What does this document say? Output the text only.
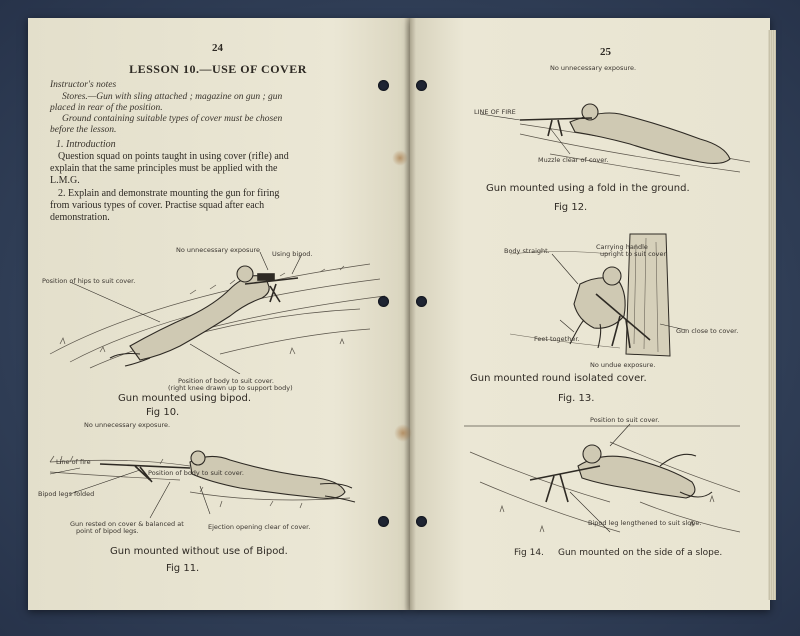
24
LESSON 10.—USE OF COVER
Instructor's notes
Stores.—Gun with sling attached ; magazine on gun ; gun
placed in rear of the position.
Ground containing suitable types of cover must be chosen
before the lesson.
1. Introduction
Question squad on points taught in using cover (rifle) and
explain that the same principles must be applied with the
L.M.G.
2. Explain and demonstrate mounting the gun for firing
from various types of cover. Practise squad after each
demonstration.
No unnecessary exposure Using bipod.
Position of hips to suit cover.
Position of body to suit cover.
(right knee drawn up to support body)
Gun mounted using bipod.
Fig 10.
No unnecessary exposure.
Line of fire
Position of body to suit cover.
Bipod legs folded
Gun rested on cover & balanced at
point of bipod legs.	Ejection opening clear of cover.
Gun mounted without use of Bipod.
Fig 11.
25
No unnecessary exposure.
LINE OF FIRE
Muzzle clear of cover.
Gun mounted using a fold in the ground.
Fig 12.
Body straight.	Carrying handle
upright to suit cover.
Feet together.
Gun close to cover.
No undue exposure.
Gun mounted round isolated cover.
Fig. 13.
Position to suit cover.
Bipod leg lengthened to suit slope.
Fig 14. Gun mounted on the side of a slope.
